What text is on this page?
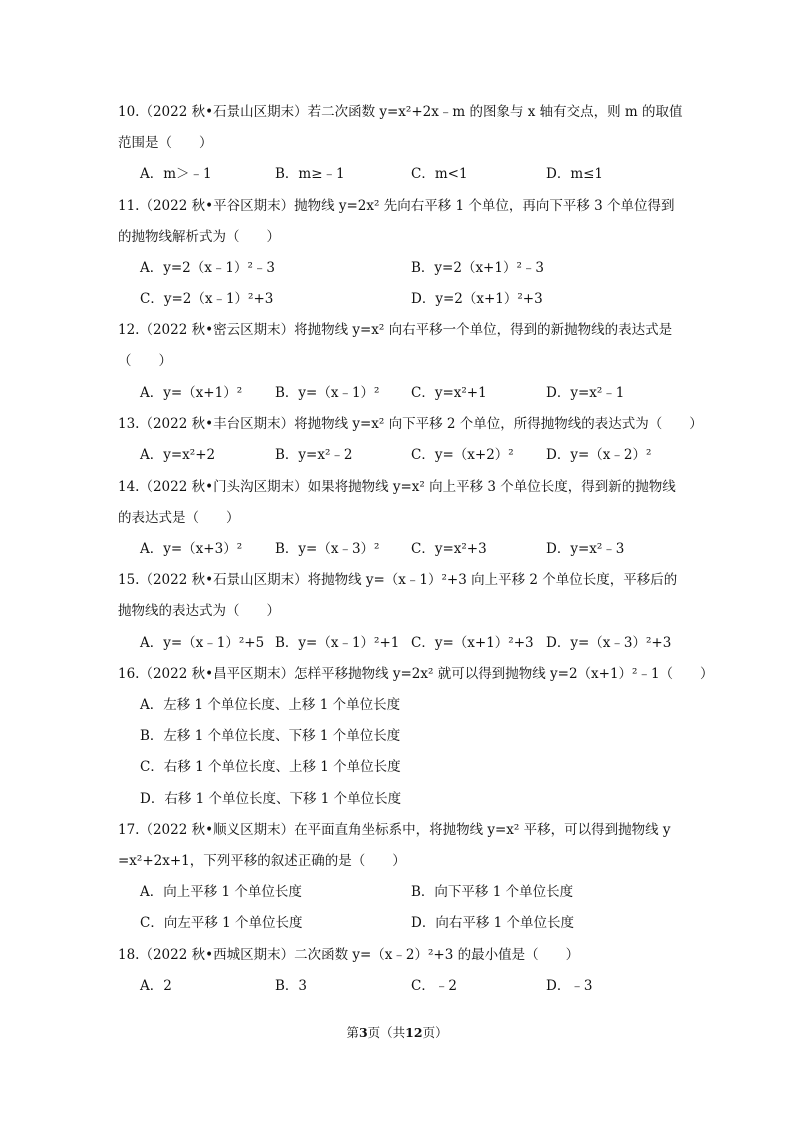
10.（2022 秋•石景山区期末）若二次函数 y=x²+2x﹣m 的图象与 x 轴有交点，则 m 的取值
范围是（　　）
A．m＞﹣1	B．m≥﹣1	C．m<1	D．m≤1
11.（2022 秋•平谷区期末）抛物线 y=2x² 先向右平移 1 个单位，再向下平移 3 个单位得到
的抛物线解析式为（　　）
A．y=2（x﹣1）²﹣3	B．y=2（x+1）²﹣3
C．y=2（x﹣1）²+3	D．y=2（x+1）²+3
12.（2022 秋•密云区期末）将抛物线 y=x² 向右平移一个单位，得到的新抛物线的表达式是
（　　）
A．y=（x+1）² B．y=（x﹣1）² C．y=x²+1	D．y=x²﹣1
13.（2022 秋•丰台区期末）将抛物线 y=x² 向下平移 2 个单位，所得抛物线的表达式为（　　）
A．y=x²+2	B．y=x²﹣2	C．y=（x+2）² D．y=（x﹣2）²
14.（2022 秋•门头沟区期末）如果将抛物线 y=x² 向上平移 3 个单位长度，得到新的抛物线
的表达式是（　　）
A．y=（x+3）² B．y=（x﹣3）² C．y=x²+3	D．y=x²﹣3
15.（2022 秋•石景山区期末）将抛物线 y=（x﹣1）²+3 向上平移 2 个单位长度，平移后的
抛物线的表达式为（　　）
A．y=（x﹣1）²+5 B．y=（x﹣1）²+1 C．y=（x+1）²+3 D．y=（x﹣3）²+3
16.（2022 秋•昌平区期末）怎样平移抛物线 y=2x² 就可以得到抛物线 y=2（x+1）²﹣1（　　）
A．左移 1 个单位长度、上移 1 个单位长度
B．左移 1 个单位长度、下移 1 个单位长度
C．右移 1 个单位长度、上移 1 个单位长度
D．右移 1 个单位长度、下移 1 个单位长度
17.（2022 秋•顺义区期末）在平面直角坐标系中，将抛物线 y=x² 平移，可以得到抛物线 y
=x²+2x+1，下列平移的叙述正确的是（　　）
A．向上平移 1 个单位长度	B．向下平移 1 个单位长度
C．向左平移 1 个单位长度	D．向右平移 1 个单位长度
18.（2022 秋•西城区期末）二次函数 y=（x﹣2）²+3 的最小值是（　　）
A．2	B．3	C．﹣2	D．﹣3
第3页（共12页）
